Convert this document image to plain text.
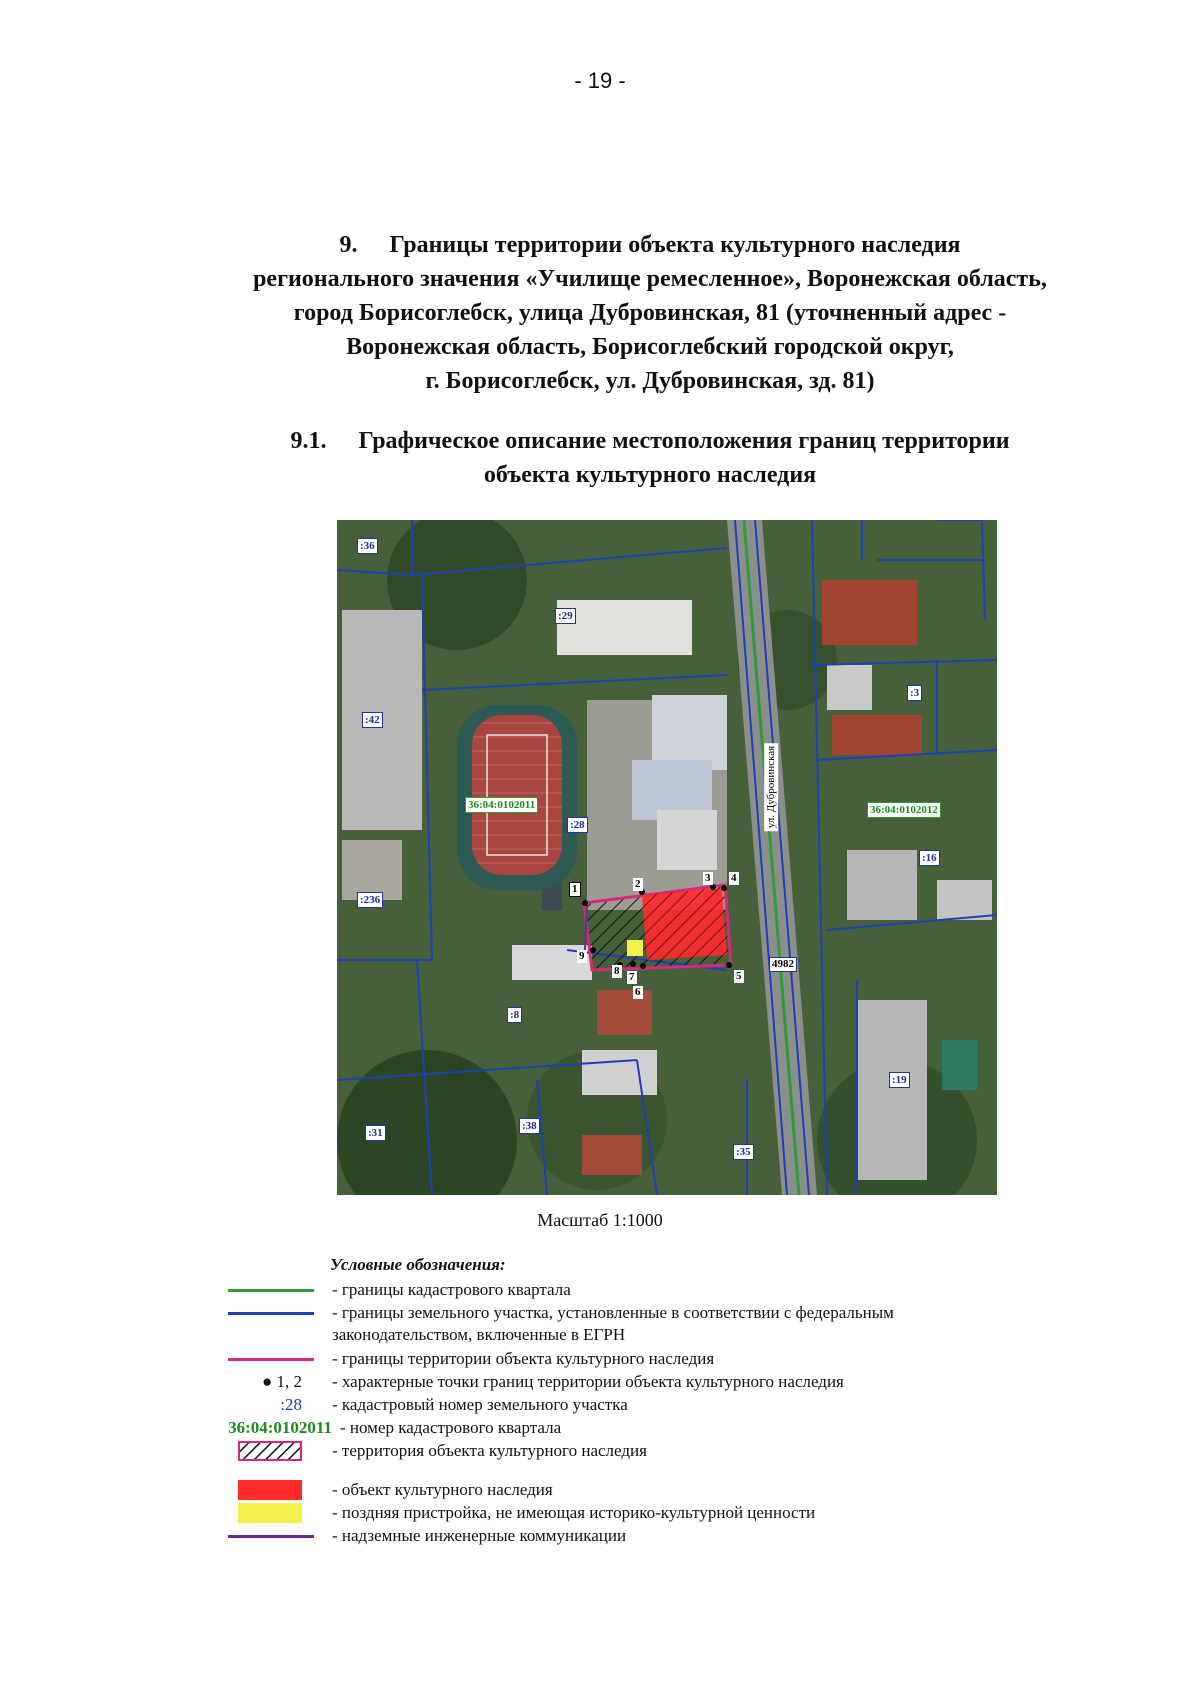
- 19 -
9. Границы территории объекта культурного наследия
регионального значения «Училище ремесленное», Воронежская область,
город Борисоглебск, улица Дубровинская, 81 (уточненный адрес -
Воронежская область, Борисоглебский городской округ,
г. Борисоглебск, ул. Дубровинская, зд. 81)
9.1. Графическое описание местоположения границ территории
объекта культурного наследия
:36
:29
:42
:3
:28
:16
:236
:8
:19
:31
:38
:35
36:04:0102011	36:04:0102012
1	2	3 4
5
6
7
8
9
ул. Дубровинская
4982
Масштаб 1:1000
Условные обозначения:
- границы кадастрового квартала
- границы земельного участка, установленные в соответствии с федеральным законодательством, включенные в ЕГРН
- границы территории объекта культурного наследия
● 1, 2 - характерные точки границ территории объекта культурного наследия
:28 - кадастровый номер земельного участка
36:04:0102011 - номер кадастрового квартала
- территория объекта культурного наследия
- объект культурного наследия
- поздняя пристройка, не имеющая историко-культурной ценности
- надземные инженерные коммуникации
